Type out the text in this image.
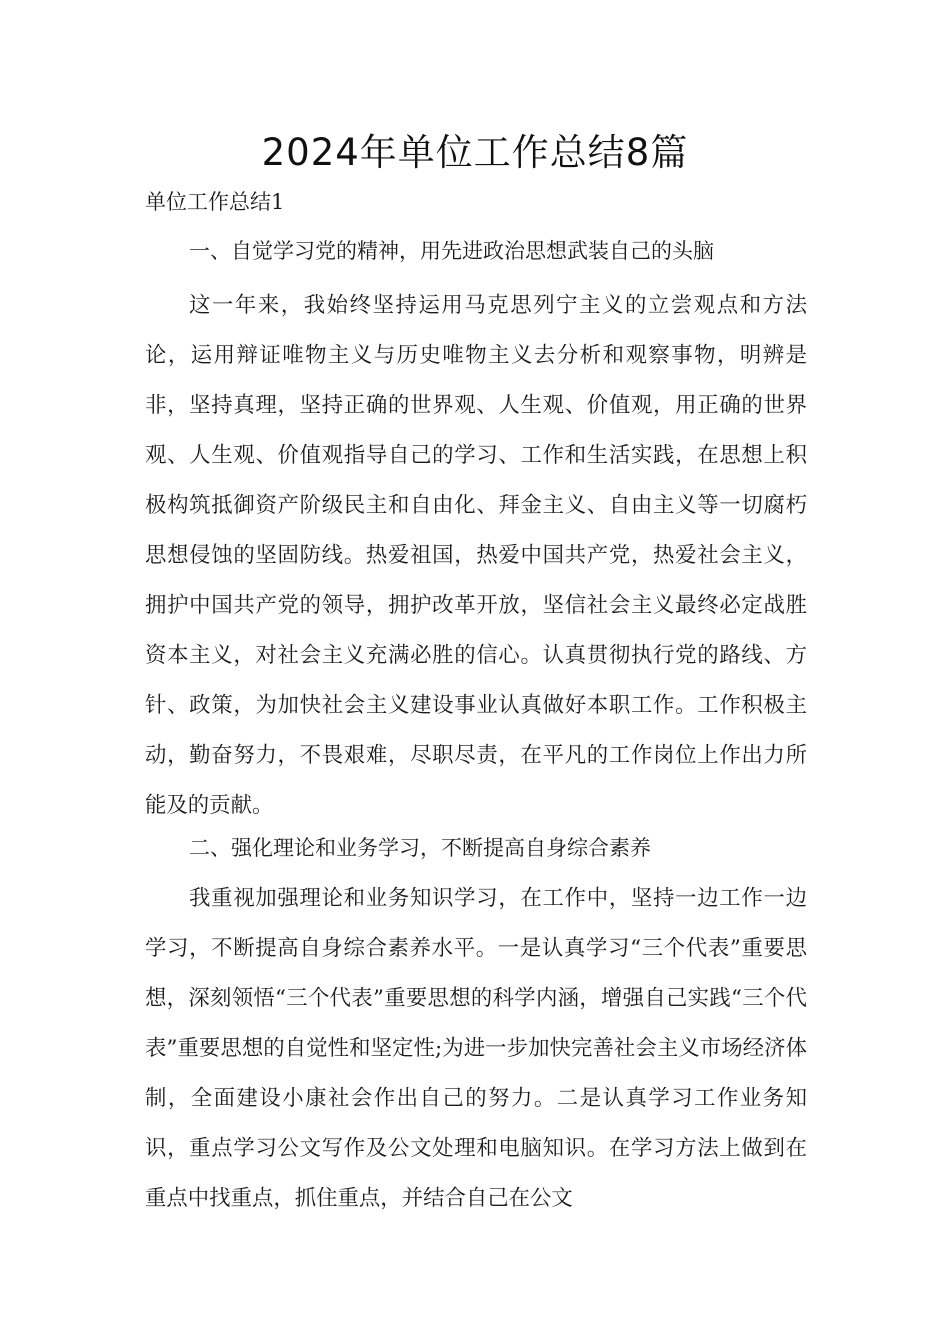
2024年单位工作总结8篇
单位工作总结1
一、自觉学习党的精神，用先进政治思想武装自己的头脑

这一年来，我始终坚持运用马克思列宁主义的立尝观点和方法论，运用辩证唯物主义与历史唯物主义去分析和观察事物，明辨是非，坚持真理，坚持正确的世界观、人生观、价值观，用正确的世界观、人生观、价值观指导自己的学习、工作和生活实践，在思想上积极构筑抵御资产阶级民主和自由化、拜金主义、自由主义等一切腐朽思想侵蚀的坚固防线。热爱祖国，热爱中国共产党，热爱社会主义，拥护中国共产党的领导，拥护改革开放，坚信社会主义最终必定战胜资本主义，对社会主义充满必胜的信心。认真贯彻执行党的路线、方针、政策，为加快社会主义建设事业认真做好本职工作。工作积极主动，勤奋努力，不畏艰难，尽职尽责，在平凡的工作岗位上作出力所能及的贡献。

二、强化理论和业务学习，不断提高自身综合素养

我重视加强理论和业务知识学习，在工作中，坚持一边工作一边学习，不断提高自身综合素养水平。一是认真学习“三个代表”重要思想，深刻领悟“三个代表”重要思想的科学内涵，增强自己实践“三个代表”重要思想的自觉性和坚定性;为进一步加快完善社会主义市场经济体制，全面建设小康社会作出自己的努力。二是认真学习工作业务知识，重点学习公文写作及公文处理和电脑知识。在学习方法上做到在重点中找重点，抓住重点，并结合自己在公文
